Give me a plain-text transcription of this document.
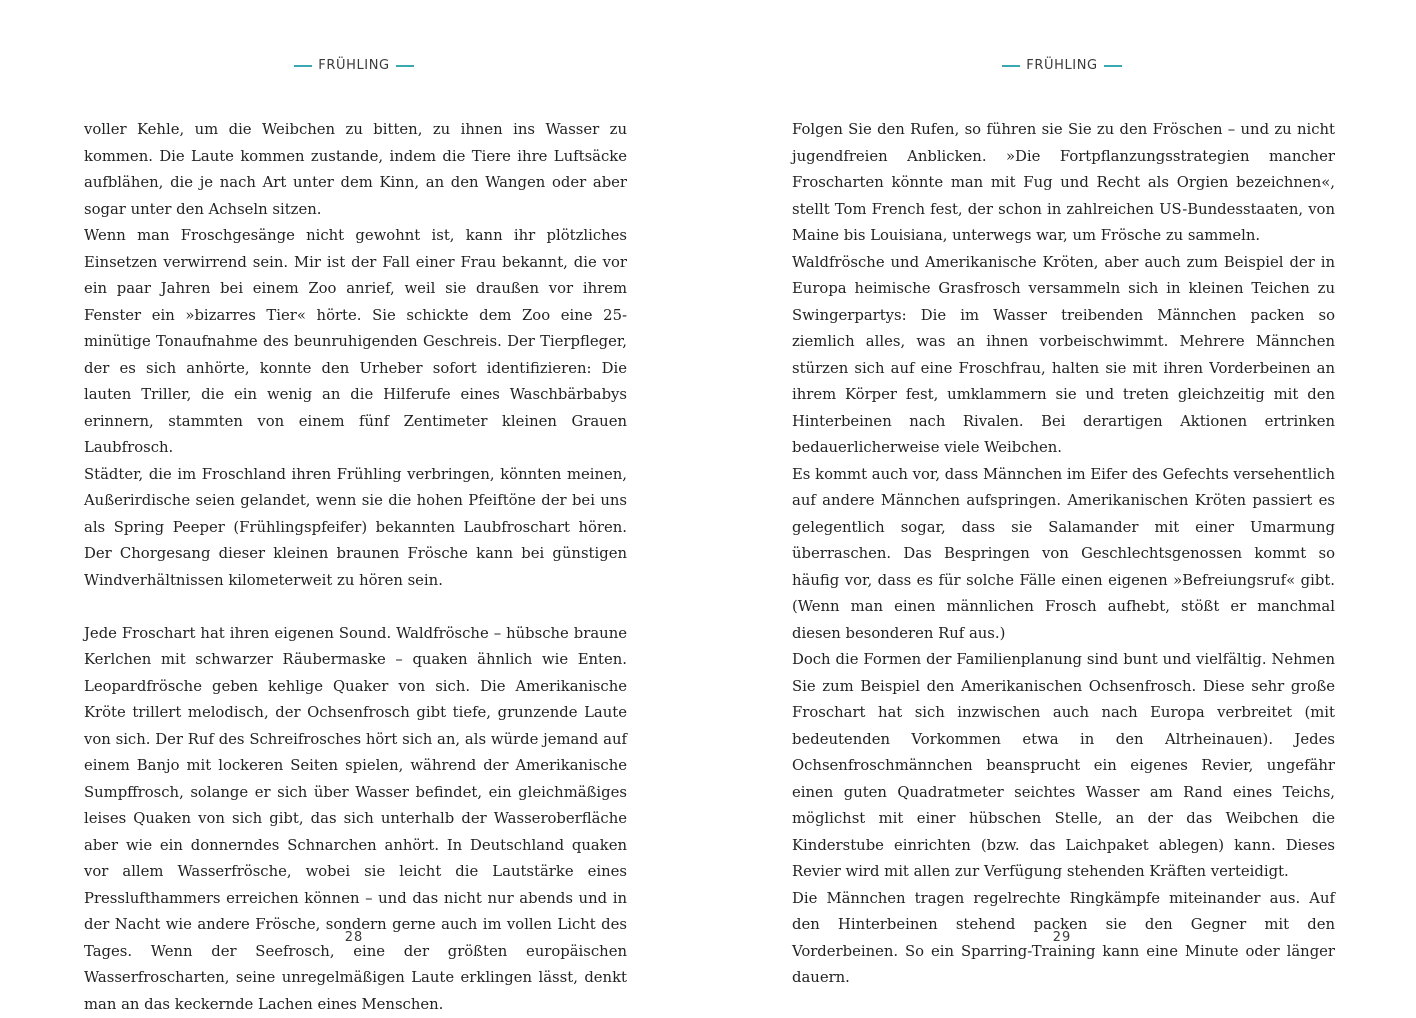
FRÜHLING

voller Kehle, um die Weibchen zu bitten, zu ihnen ins Wasser zu kommen. Die Laute kommen zustande, indem die Tiere ihre Luftsäcke aufblähen, die je nach Art unter dem Kinn, an den Wangen oder aber sogar unter den Achseln sitzen.

Wenn man Froschgesänge nicht gewohnt ist, kann ihr plötzliches Einsetzen verwirrend sein. Mir ist der Fall einer Frau bekannt, die vor ein paar Jahren bei einem Zoo anrief, weil sie draußen vor ihrem Fenster ein »bizarres Tier« hörte. Sie schickte dem Zoo eine 25-minütige Tonaufnahme des beunruhigenden Geschreis. Der Tierpfleger, der es sich anhörte, konnte den Urheber sofort identifizieren: Die lauten Triller, die ein wenig an die Hilferufe eines Waschbärbabys erinnern, stammten von einem fünf Zentimeter kleinen Grauen Laubfrosch.

Städter, die im Froschland ihren Frühling verbringen, könnten meinen, Außerirdische seien gelandet, wenn sie die hohen Pfeiftöne der bei uns als Spring Peeper (Frühlingspfeifer) bekannten Laubfroschart hören. Der Chorgesang dieser kleinen braunen Frösche kann bei günstigen Windverhältnissen kilometerweit zu hören sein.

Jede Froschart hat ihren eigenen Sound. Waldfrösche – hübsche braune Kerlchen mit schwarzer Räubermaske – quaken ähnlich wie Enten. Leopardfrösche geben kehlige Quaker von sich. Die Amerikanische Kröte trillert melodisch, der Ochsenfrosch gibt tiefe, grunzende Laute von sich. Der Ruf des Schreifrosches hört sich an, als würde jemand auf einem Banjo mit lockeren Seiten spielen, während der Amerikanische Sumpffrosch, solange er sich über Wasser befindet, ein gleichmäßiges leises Quaken von sich gibt, das sich unterhalb der Wasseroberfläche aber wie ein donnerndes Schnarchen anhört. In Deutschland quaken vor allem Wasserfrösche, wobei sie leicht die Lautstärke eines Presslufthammers erreichen können – und das nicht nur abends und in der Nacht wie andere Frösche, sondern gerne auch im vollen Licht des Tages. Wenn der Seefrosch, eine der größten europäischen Wasserfroscharten, seine unregelmäßigen Laute erklingen lässt, denkt man an das keckernde Lachen eines Menschen.

28
FRÜHLING

Folgen Sie den Rufen, so führen sie Sie zu den Fröschen – und zu nicht jugendfreien Anblicken. »Die Fortpflanzungsstrategien mancher Froscharten könnte man mit Fug und Recht als Orgien bezeichnen«, stellt Tom French fest, der schon in zahlreichen US-Bundesstaaten, von Maine bis Louisiana, unterwegs war, um Frösche zu sammeln.

Waldfrösche und Amerikanische Kröten, aber auch zum Beispiel der in Europa heimische Grasfrosch versammeln sich in kleinen Teichen zu Swingerpartys: Die im Wasser treibenden Männchen packen so ziemlich alles, was an ihnen vorbeischwimmt. Mehrere Männchen stürzen sich auf eine Froschfrau, halten sie mit ihren Vorderbeinen an ihrem Körper fest, umklammern sie und treten gleichzeitig mit den Hinterbeinen nach Rivalen. Bei derartigen Aktionen ertrinken bedauerlicherweise viele Weibchen.

Es kommt auch vor, dass Männchen im Eifer des Gefechts versehentlich auf andere Männchen aufspringen. Amerikanischen Kröten passiert es gelegentlich sogar, dass sie Salamander mit einer Umarmung überraschen. Das Bespringen von Geschlechtsgenossen kommt so häufig vor, dass es für solche Fälle einen eigenen »Befreiungsruf« gibt. (Wenn man einen männlichen Frosch aufhebt, stößt er manchmal diesen besonderen Ruf aus.)

Doch die Formen der Familienplanung sind bunt und vielfältig. Nehmen Sie zum Beispiel den Amerikanischen Ochsenfrosch. Diese sehr große Froschart hat sich inzwischen auch nach Europa verbreitet (mit bedeutenden Vorkommen etwa in den Altrheinauen). Jedes Ochsenfroschmännchen beansprucht ein eigenes Revier, ungefähr einen guten Quadratmeter seichtes Wasser am Rand eines Teichs, möglichst mit einer hübschen Stelle, an der das Weibchen die Kinderstube einrichten (bzw. das Laichpaket ablegen) kann. Dieses Revier wird mit allen zur Verfügung stehenden Kräften verteidigt.

Die Männchen tragen regelrechte Ringkämpfe miteinander aus. Auf den Hinterbeinen stehend packen sie den Gegner mit den Vorderbeinen. So ein Sparring-Training kann eine Minute oder länger dauern.

29
